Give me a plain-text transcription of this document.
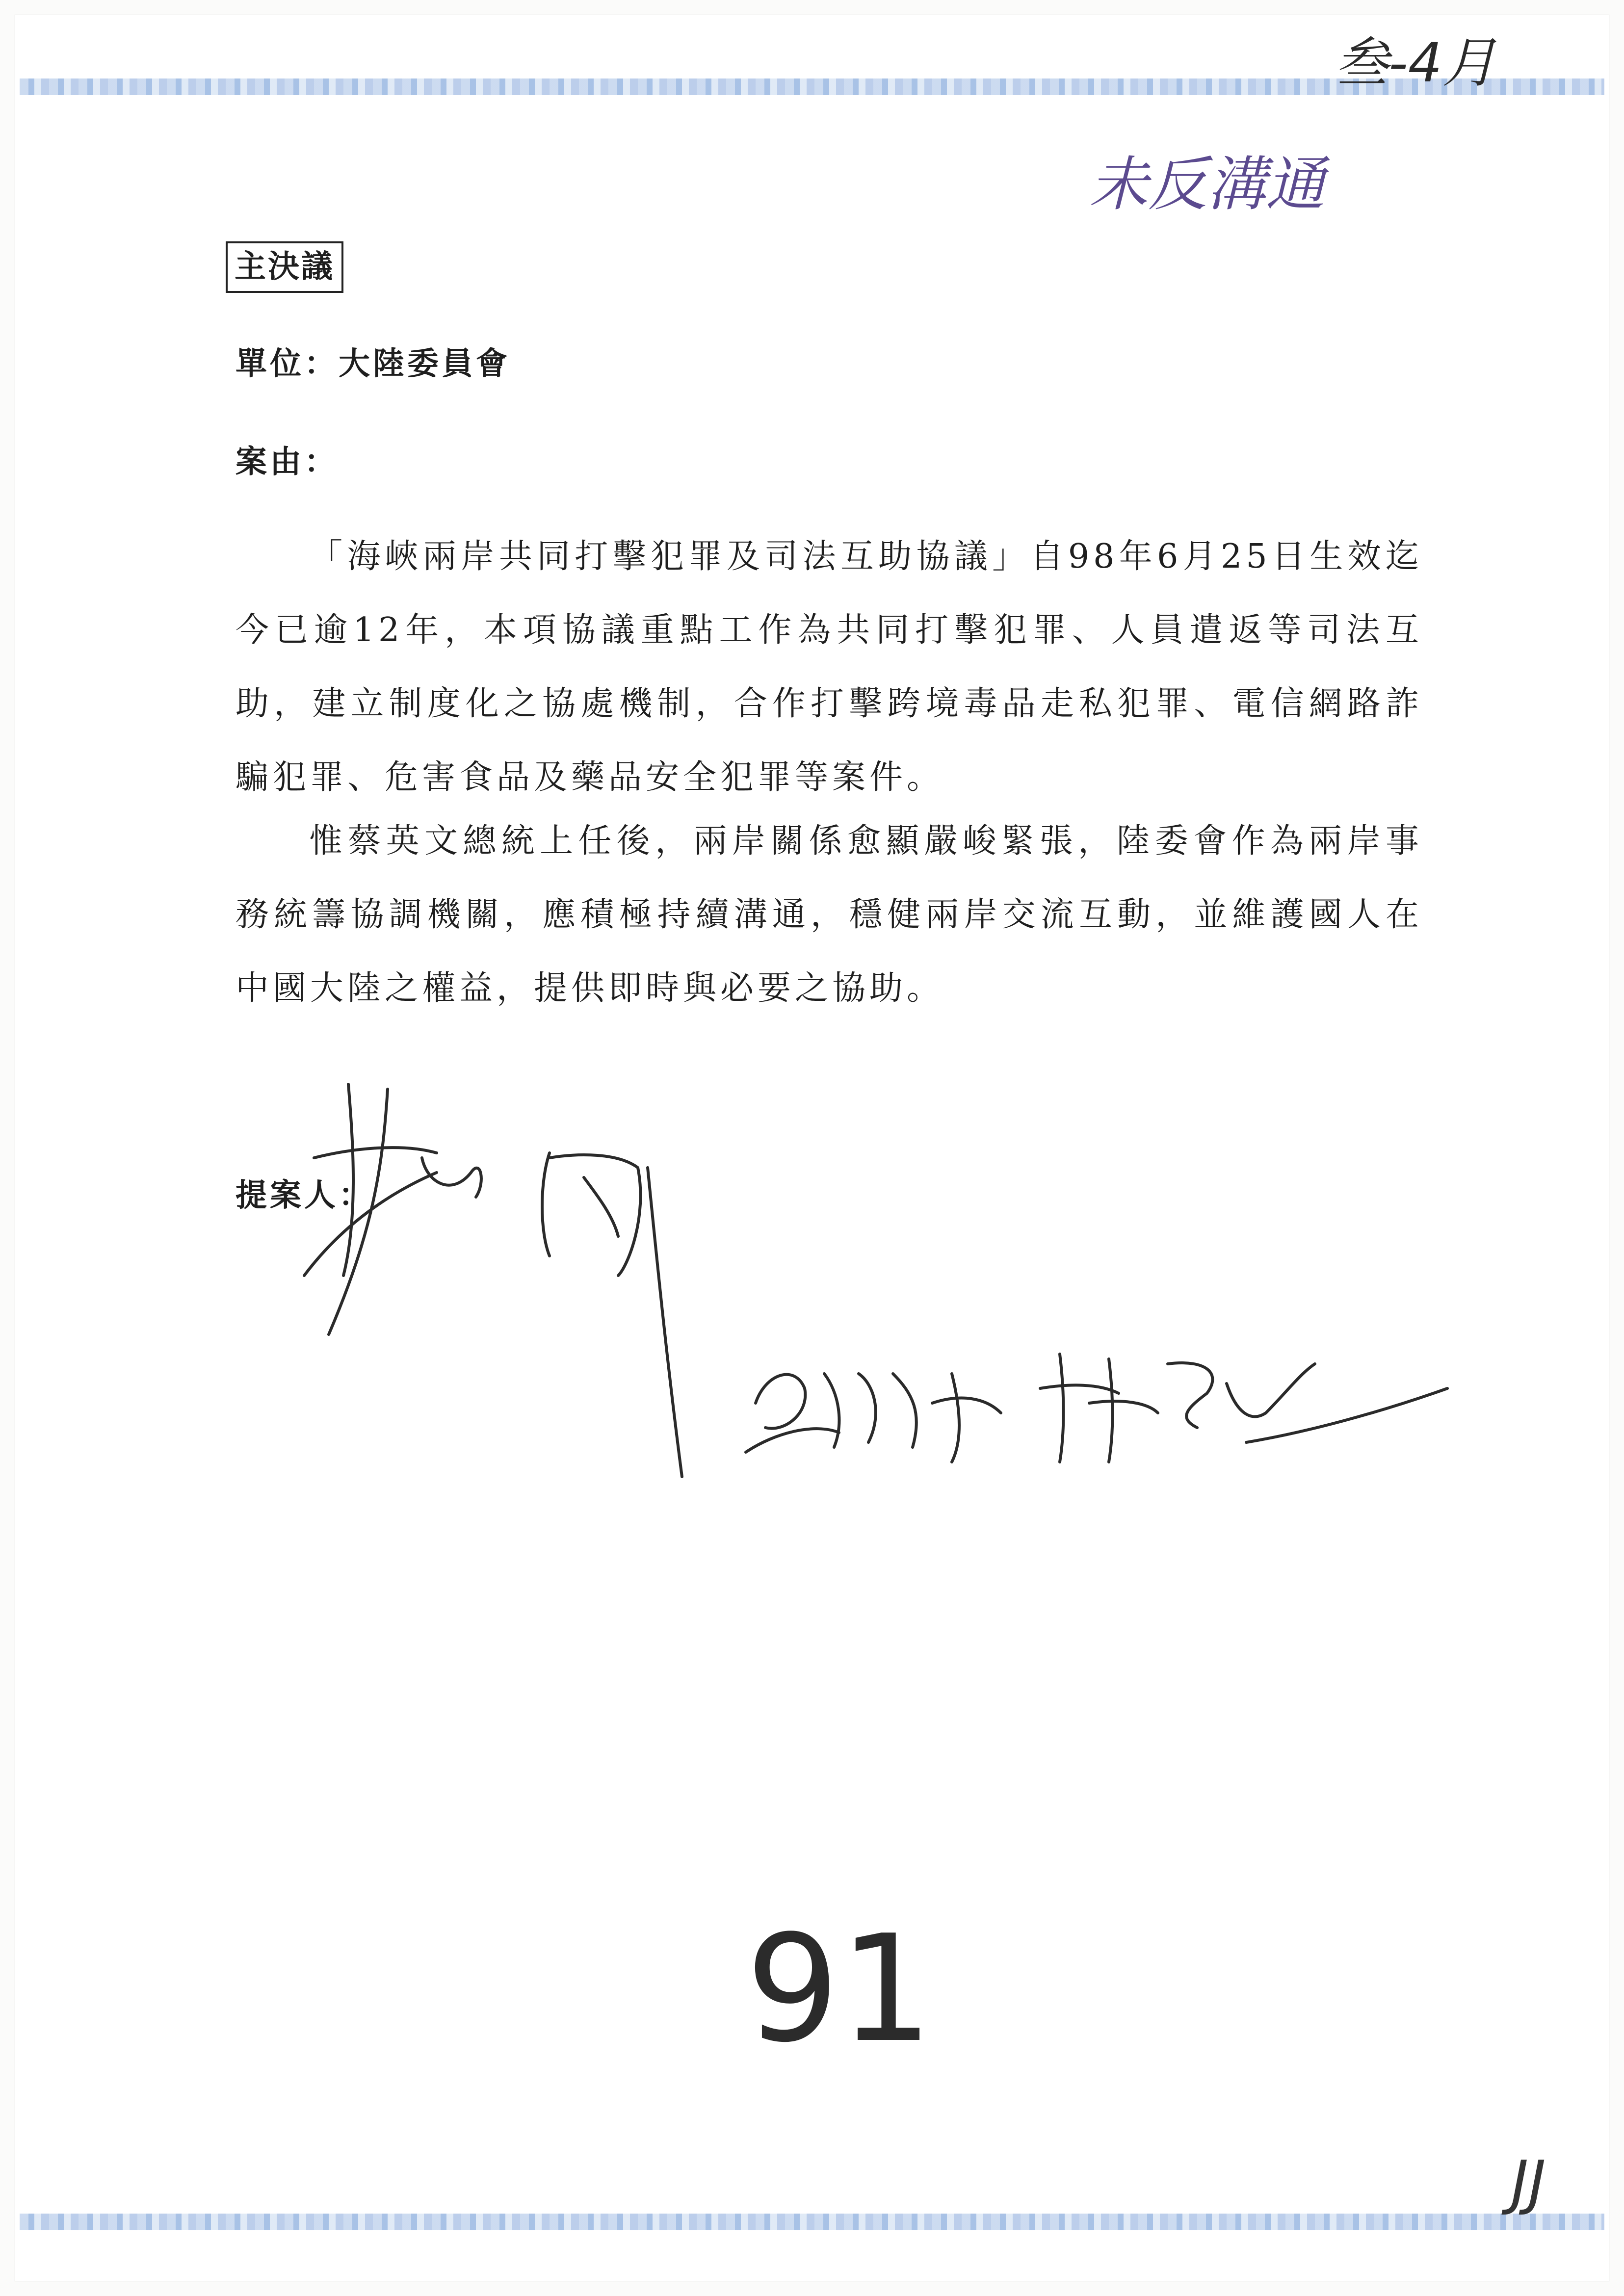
叁-4月
未反溝通
主決議
單位：大陸委員會
案由：

「海峽兩岸共同打擊犯罪及司法互助協議」自98年6月25日生效迄今已逾12年，本項協議重點工作為共同打擊犯罪、人員遣返等司法互助，建立制度化之協處機制，合作打擊跨境毒品走私犯罪、電信網路詐騙犯罪、危害食品及藥品安全犯罪等案件。

惟蔡英文總統上任後，兩岸關係愈顯嚴峻緊張，陸委會作為兩岸事務統籌協調機關，應積極持續溝通，穩健兩岸交流互動，並維護國人在中國大陸之權益，提供即時與必要之協助。

提案人：
91
JJ
